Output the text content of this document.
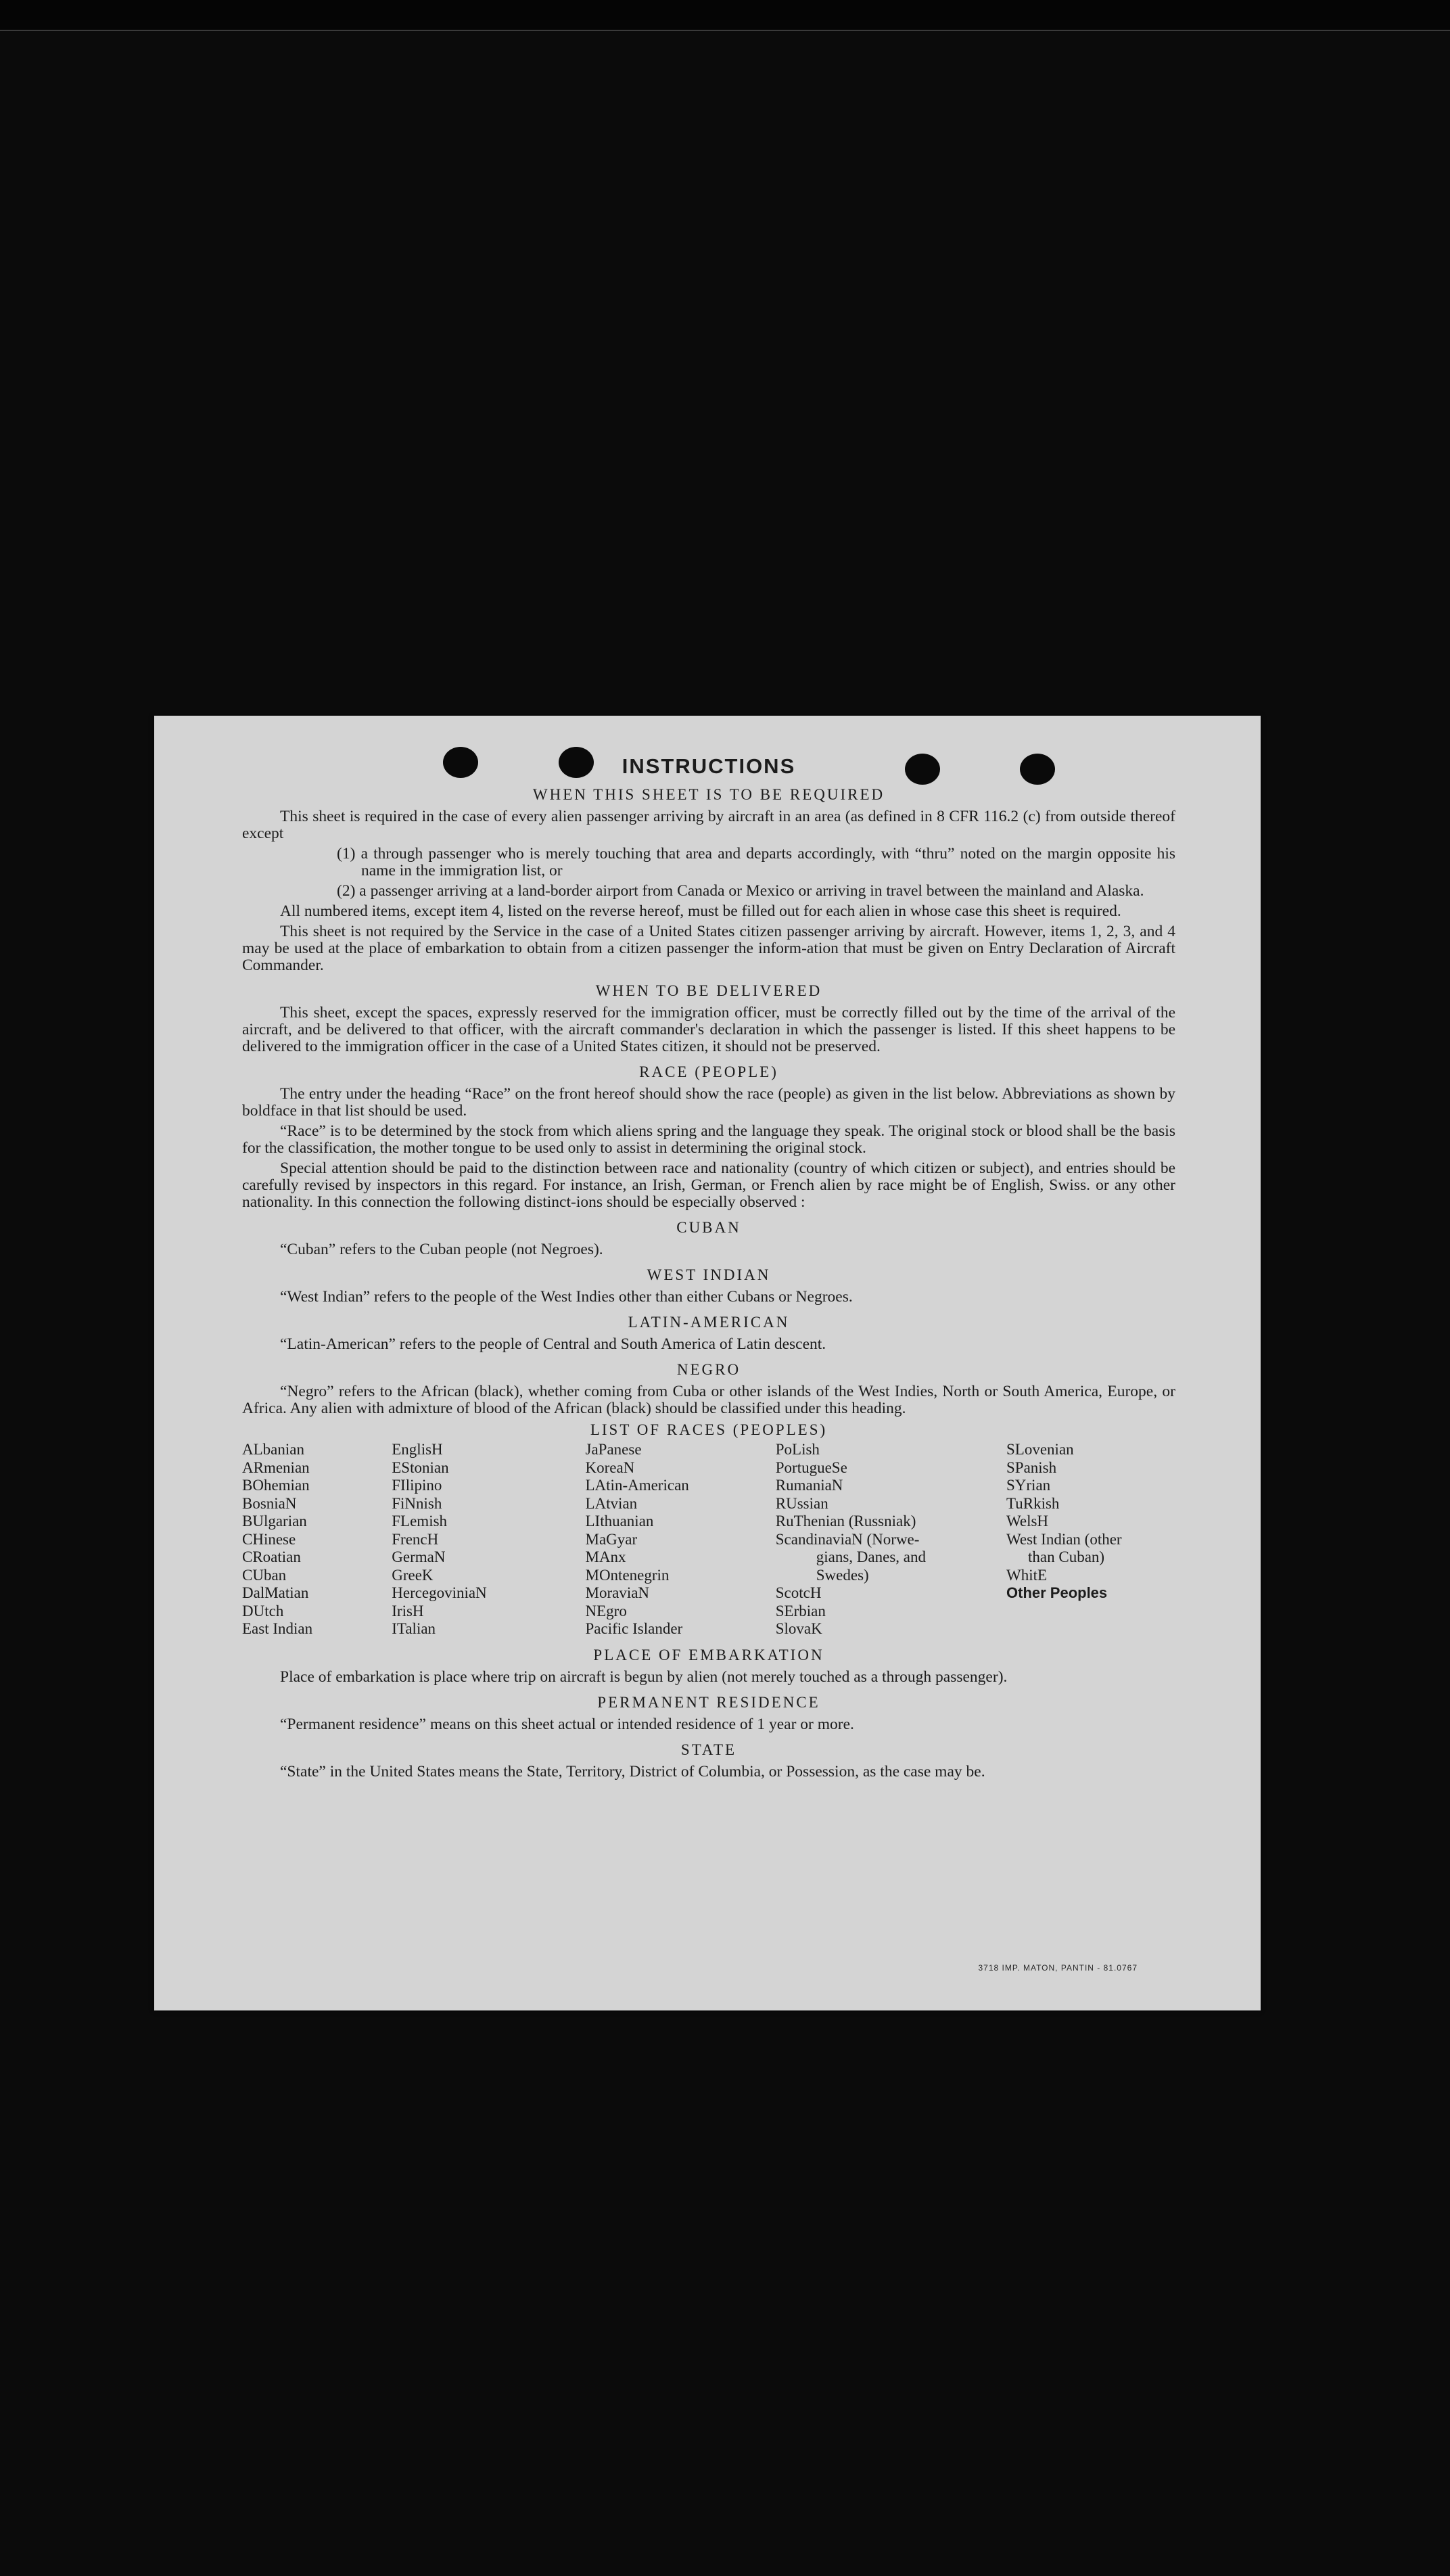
INSTRUCTIONS
WHEN THIS SHEET IS TO BE REQUIRED

This sheet is required in the case of every alien passenger arriving by aircraft in an area (as defined in 8 CFR 116.2 (c) from outside thereof except

(1) a through passenger who is merely touching that area and departs accordingly, with “thru” noted on the margin opposite his name in the immigration list, or

(2) a passenger arriving at a land-border airport from Canada or Mexico or arriving in travel between the mainland and Alaska.

All numbered items, except item 4, listed on the reverse hereof, must be filled out for each alien in whose case this sheet is required.

This sheet is not required by the Service in the case of a United States citizen passenger arriving by aircraft. However, items 1, 2, 3, and 4 may be used at the place of embarkation to obtain from a citizen passenger the inform-ation that must be given on Entry Declaration of Aircraft Commander.

WHEN TO BE DELIVERED

This sheet, except the spaces, expressly reserved for the immigration officer, must be correctly filled out by the time of the arrival of the aircraft, and be delivered to that officer, with the aircraft commander's declaration in which the passenger is listed. If this sheet happens to be delivered to the immigration officer in the case of a United States citizen, it should not be preserved.

RACE (PEOPLE)

The entry under the heading “Race” on the front hereof should show the race (people) as given in the list below. Abbreviations as shown by boldface in that list should be used.

“Race” is to be determined by the stock from which aliens spring and the language they speak. The original stock or blood shall be the basis for the classification, the mother tongue to be used only to assist in determining the original stock.

Special attention should be paid to the distinction between race and nationality (country of which citizen or subject), and entries should be carefully revised by inspectors in this regard. For instance, an Irish, German, or French alien by race might be of English, Swiss. or any other nationality. In this connection the following distinct-ions should be especially observed :

CUBAN

“Cuban” refers to the Cuban people (not Negroes).

WEST INDIAN

“West Indian” refers to the people of the West Indies other than either Cubans or Negroes.

LATIN-AMERICAN

“Latin-American” refers to the people of Central and South America of Latin descent.

NEGRO

“Negro” refers to the African (black), whether coming from Cuba or other islands of the West Indies, North or South America, Europe, or Africa. Any alien with admixture of blood of the African (black) should be classified under this heading.

LIST OF RACES (PEOPLES)
ALbanian
ARmenian
BOhemian
BosniaN
BUlgarian
CHinese
CRoatian
CUban
DalMatian
DUtch
East Indian
EnglisH
EStonian
FIlipino
FiNnish
FLemish
FrencH
GermaN
GreeK
HercegoviniaN
IrisH
ITalian
JaPanese
KoreaN
LAtin-American
LAtvian
LIthuanian
MaGyar
MAnx
MOntenegrin
MoraviaN
NEgro
Pacific Islander
PoLish
PortugueSe
RumaniaN
RUssian
RuThenian (Russniak)
ScandinaviaN (Norwe-
gians, Danes, and
Swedes)
ScotcH
SErbian
SlovaK
SLovenian
SPanish
SYrian
TuRkish
WelsH
West Indian (other
than Cuban)
WhitE
Other Peoples
PLACE OF EMBARKATION

Place of embarkation is place where trip on aircraft is begun by alien (not merely touched as a through passenger).

PERMANENT RESIDENCE

“Permanent residence” means on this sheet actual or intended residence of 1 year or more.

STATE

“State” in the United States means the State, Territory, District of Columbia, or Possession, as the case may be.

3718 IMP. MATON, PANTIN - 81.0767
